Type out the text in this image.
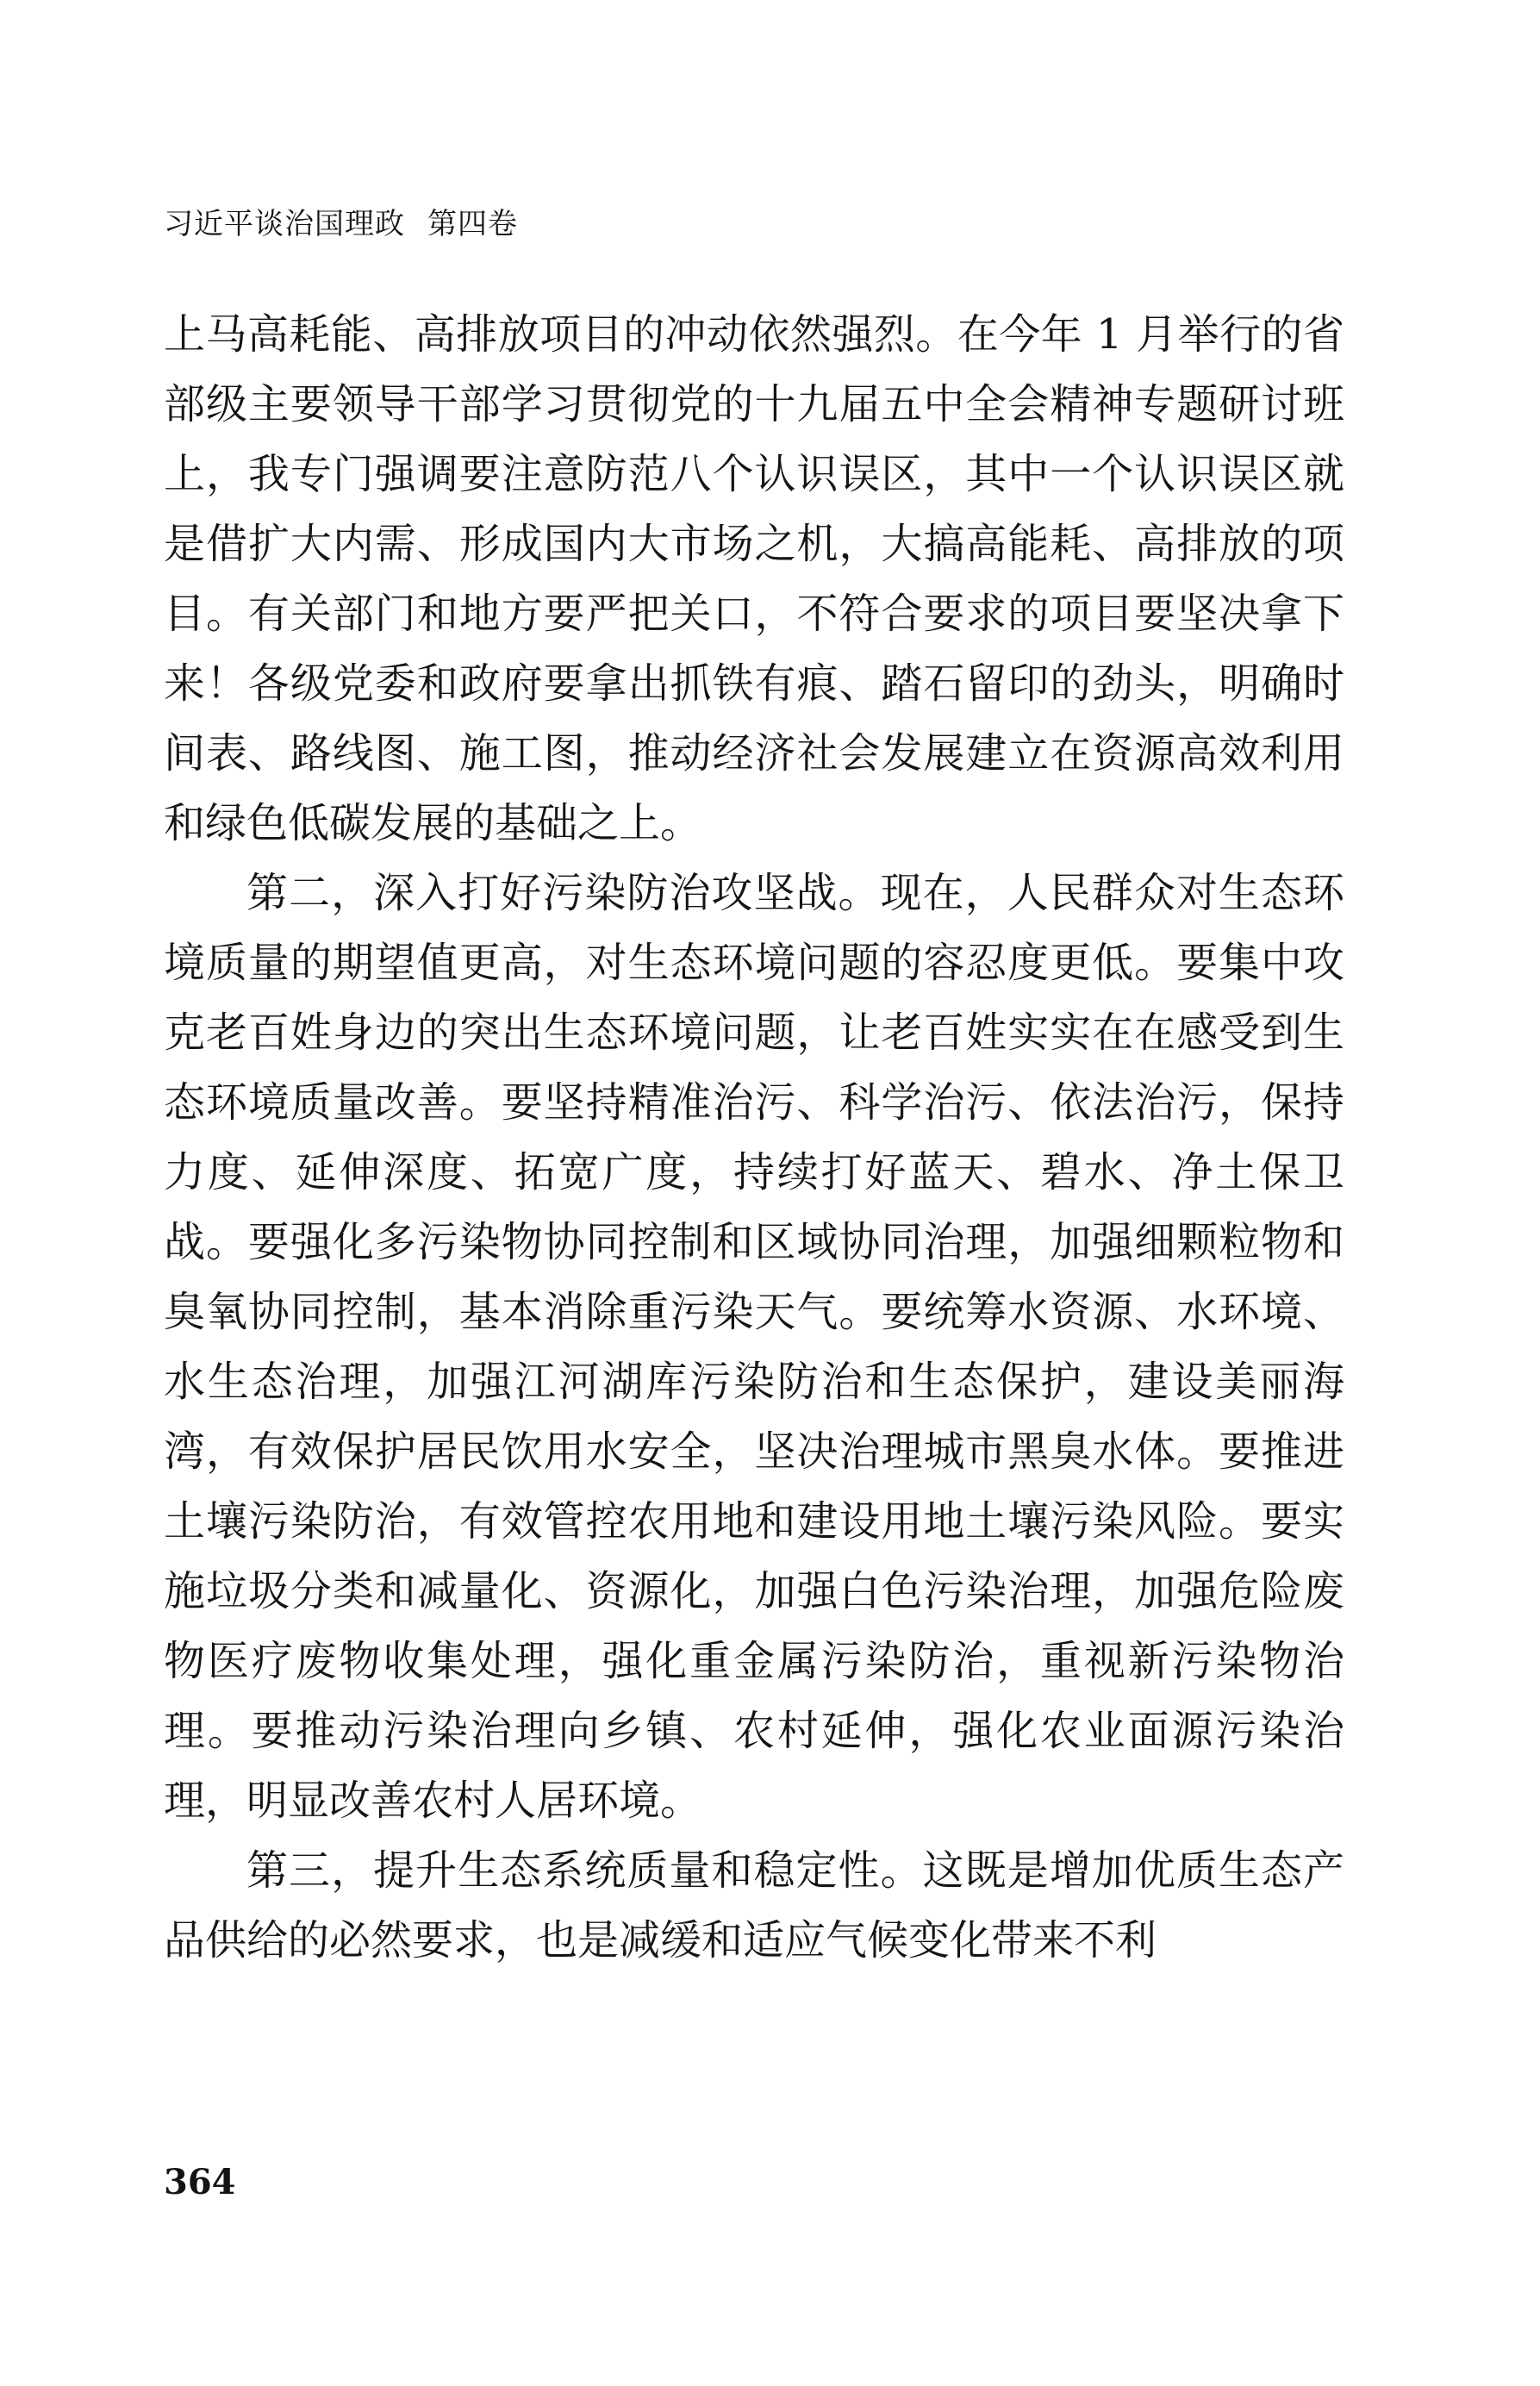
习近平谈治国理政 第四卷

上马高耗能、高排放项目的冲动依然强烈。在今年 1 月举行的省部级主要领导干部学习贯彻党的十九届五中全会精神专题研讨班上，我专门强调要注意防范八个认识误区，其中一个认识误区就是借扩大内需、形成国内大市场之机，大搞高能耗、高排放的项目。有关部门和地方要严把关口，不符合要求的项目要坚决拿下来！各级党委和政府要拿出抓铁有痕、踏石留印的劲头，明确时间表、路线图、施工图，推动经济社会发展建立在资源高效利用和绿色低碳发展的基础之上。

第二，深入打好污染防治攻坚战。现在，人民群众对生态环境质量的期望值更高，对生态环境问题的容忍度更低。要集中攻克老百姓身边的突出生态环境问题，让老百姓实实在在感受到生态环境质量改善。要坚持精准治污、科学治污、依法治污，保持力度、延伸深度、拓宽广度，持续打好蓝天、碧水、净土保卫战。要强化多污染物协同控制和区域协同治理，加强细颗粒物和臭氧协同控制，基本消除重污染天气。要统筹水资源、水环境、水生态治理，加强江河湖库污染防治和生态保护，建设美丽海湾，有效保护居民饮用水安全，坚决治理城市黑臭水体。要推进土壤污染防治，有效管控农用地和建设用地土壤污染风险。要实施垃圾分类和减量化、资源化，加强白色污染治理，加强危险废物医疗废物收集处理，强化重金属污染防治，重视新污染物治理。要推动污染治理向乡镇、农村延伸，强化农业面源污染治理，明显改善农村人居环境。

第三，提升生态系统质量和稳定性。这既是增加优质生态产品供给的必然要求，也是减缓和适应气候变化带来不利

364
